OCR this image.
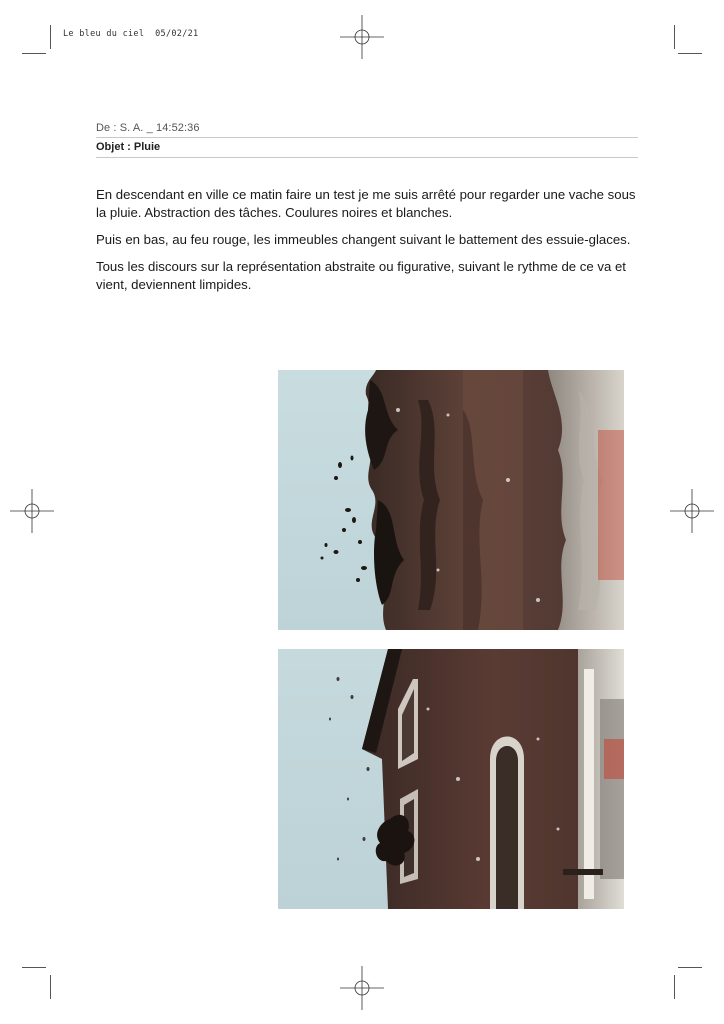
Le bleu du ciel 05/02/21
De : S. A. _ 14:52:36
Objet : Pluie

En descendant en ville ce matin faire un test je me suis arrêté pour regarder une vache sous la pluie. Abstraction des tâches. Coulures noires et blanches.

Puis en bas, au feu rouge, les immeubles changent suivant le battement des essuie-glaces.

Tous les discours sur la représentation abstraite ou figurative, suivant le rythme de ce va et vient, deviennent limpides.
